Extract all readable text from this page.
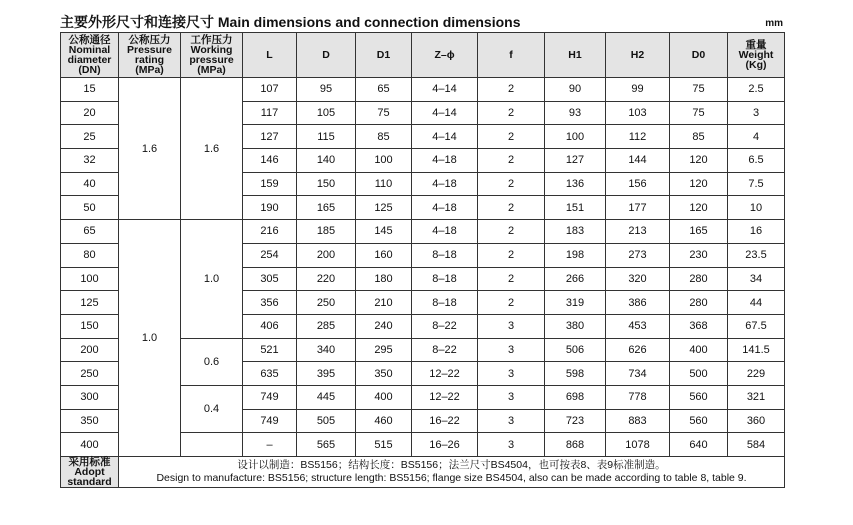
主要外形尺寸和连接尺寸 Main dimensions and connection dimensions	mm
公称通径
Nominal
diameter
(DN)	公称压力
Pressure
rating
(MPa)	工作压力
Working
pressure
(MPa)	L	D	D1	Z–ϕ	f	H1	H2	D0	重量
Weight
(Kg)

15	1.6	1.6	107	95	65	4–14	2	90	99	75	2.5
20			117	105	75	4–14	2	93	103	75	3
25			127	115	85	4–14	2	100	112	85	4
32			146	140	100	4–18	2	127	144	120	6.5
40			159	150	110	4–18	2	136	156	120	7.5
50			190	165	125	4–18	2	151	177	120	10
65	1.0	1.0	216	185	145	4–18	2	183	213	165	16
80			254	200	160	8–18	2	198	273	230	23.5
100			305	220	180	8–18	2	266	320	280	34
125			356	250	210	8–18	2	319	386	280	44
150			406	285	240	8–22	3	380	453	368	67.5
200		0.6	521	340	295	8–22	3	506	626	400	141.5
250			635	395	350	12–22	3	598	734	500	229
300		0.4	749	445	400	12–22	3	698	778	560	321
350			749	505	460	16–22	3	723	883	560	360
400			–	565	515	16–26	3	868	1078	640	584

采用标准
Adopt
standard	设计以制造：BS5156；结构长度：BS5156；法兰尺寸BS4504，也可按表8、表9标准制造。
Design to manufacture: BS5156; structure length: BS5156; flange size BS4504, also can be made according to table 8, table 9.										
